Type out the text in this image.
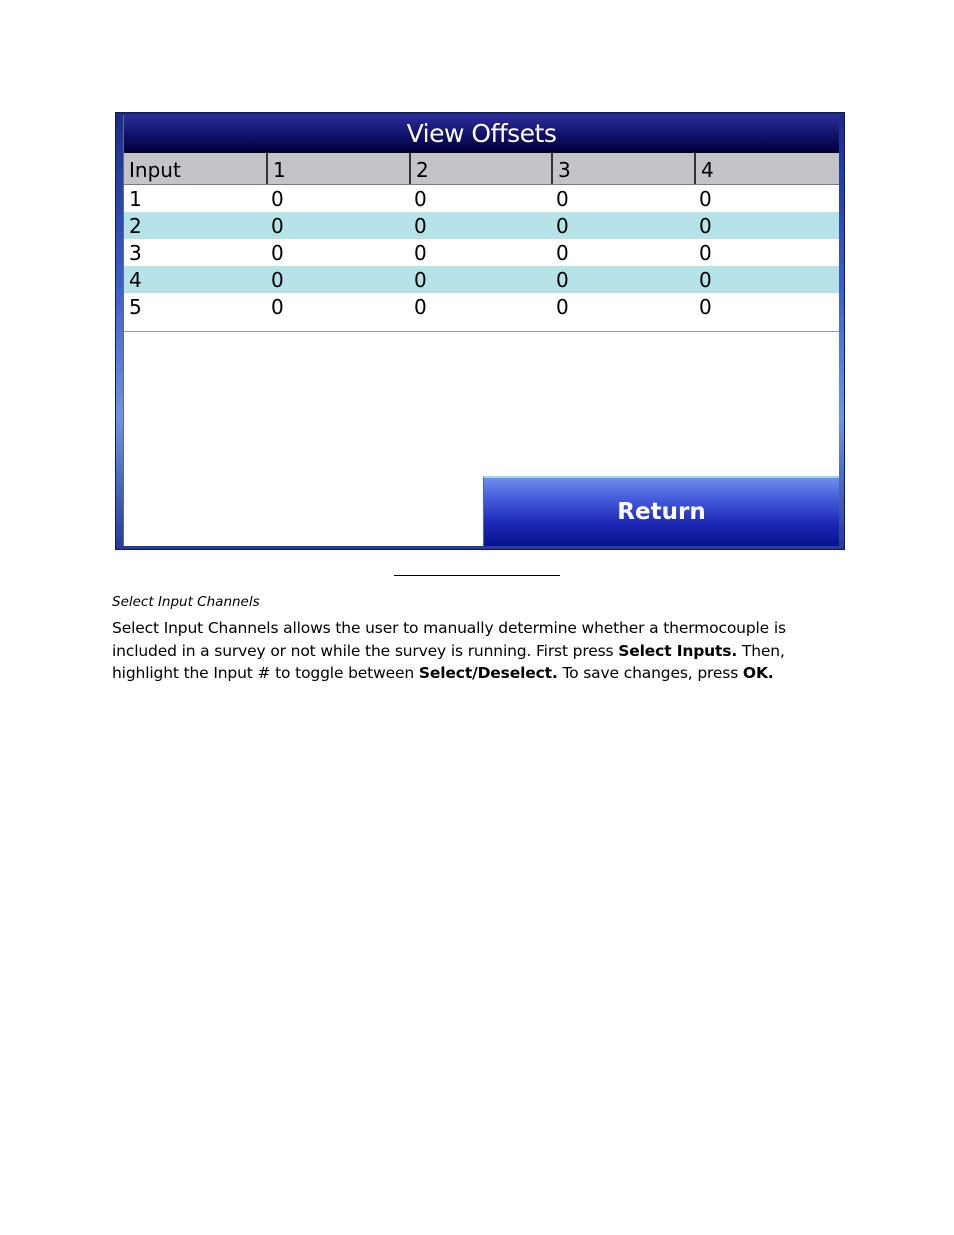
View Offsets
Input	1	2	3	4
1	0	0	0	0
2	0	0	0	0
3	0	0	0	0
4	0	0	0	0
5	0	0	0	0
Return
Select Input Channels
Select Input Channels allows the user to manually determine whether a thermocouple is included in a survey or not while the survey is running. First press Select Inputs. Then, highlight the Input # to toggle between Select/Deselect. To save changes, press OK.
